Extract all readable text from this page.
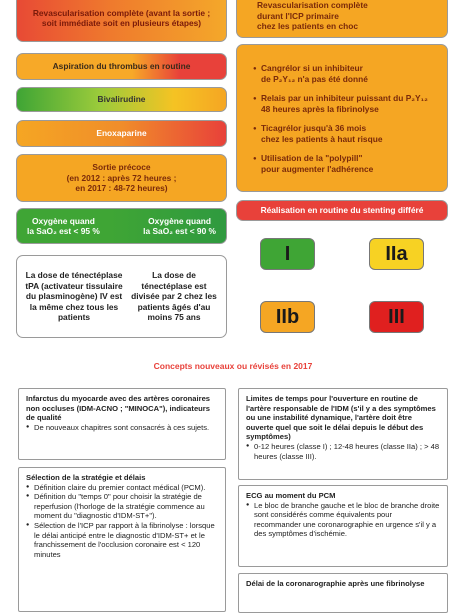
Revascularisation complète (avant la sortie ; soit immédiate soit en plusieurs étapes)
Aspiration du thrombus en routine
Bivalirudine
Enoxaparine
Sortie précoce
(en 2012 : après 72 heures ;
en 2017 : 48-72 heures)
Oxygène quand
la SaO₂ est < 95 %
Oxygène quand
la SaO₂ est < 90 %
La dose de ténectéplase tPA (activateur tissulaire du plasminogène) IV est la même chez tous les patients
La dose de ténectéplase est divisée par 2 chez les patients âgés d'au moins 75 ans
Revascularisation complète
durant l'ICP primaire
chez les patients en choc
● Cangrélor si un inhibiteur
de P₂Y₁₂ n'a pas été donné
● Relais par un inhibiteur puissant du P₂Y₁₂
48 heures après la fibrinolyse
● Ticagrélor jusqu'à 36 mois
chez les patients à haut risque
● Utilisation de la "polypill"
pour augmenter l'adhérence
Réalisation en routine du stenting différé
I	IIa
IIb	III
Concepts nouveaux ou révisés en 2017

Infarctus du myocarde avec des artères coronaires non occluses (IDM-ACNO ; "MINOCA"), indicateurs de qualité

● De nouveaux chapitres sont consacrés à ces sujets.

Sélection de la stratégie et délais

● Définition claire du premier contact médical (PCM).
● Définition du "temps 0" pour choisir la stratégie de reperfusion (l'horloge de la stratégie commence au moment du "diagnostic d'IDM-ST+").
● Sélection de l'ICP par rapport à la fibrinolyse : lorsque le délai anticipé entre le diagnostic d'IDM-ST+ et le franchissement de l'occlusion coronaire est < 120 minutes

Limites de temps pour l'ouverture en routine de l'artère responsable de l'IDM (s'il y a des symptômes ou une instabilité dynamique, l'artère doit être ouverte quel que soit le délai depuis le début des symptômes)

● 0-12 heures (classe I) ; 12-48 heures (classe IIa) ; > 48 heures (classe III).

ECG au moment du PCM

● Le bloc de branche gauche et le bloc de branche droite sont considérés comme équivalents pour recommander une coronarographie en urgence s'il y a des symptômes d'ischémie.

Délai de la coronarographie après une fibrinolyse
